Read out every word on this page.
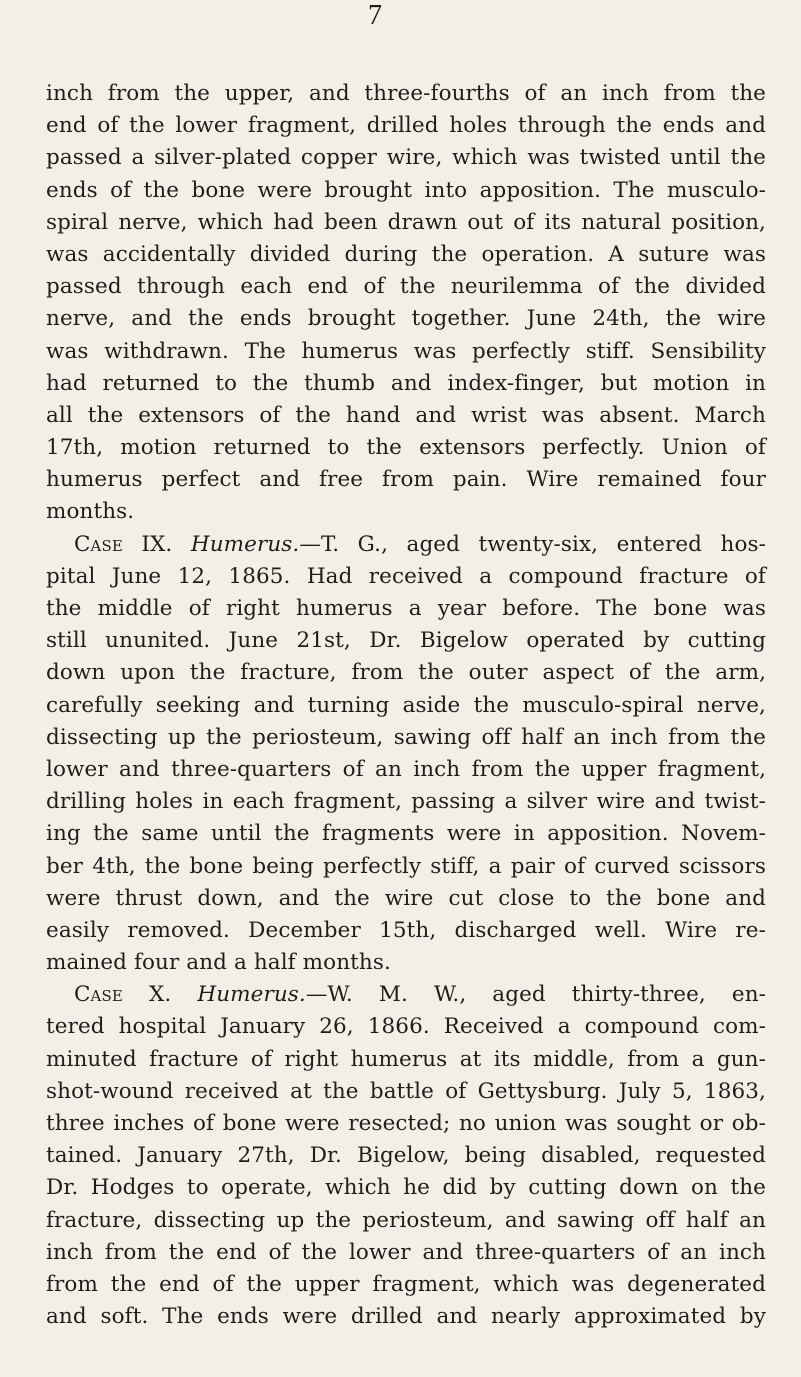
7
inch from the upper, and three-fourths of an inch from the
end of the lower fragment, drilled holes through the ends and
passed a silver-plated copper wire, which was twisted until the
ends of the bone were brought into apposition. The musculo-
spiral nerve, which had been drawn out of its natural position,
was accidentally divided during the operation. A suture was
passed through each end of the neurilemma of the divided
nerve, and the ends brought together. June 24th, the wire
was withdrawn. The humerus was perfectly stiff. Sensibility
had returned to the thumb and index-finger, but motion in
all the extensors of the hand and wrist was absent. March
17th, motion returned to the extensors perfectly. Union of
humerus perfect and free from pain. Wire remained four
months.
Case IX. Humerus.—T. G., aged twenty-six, entered hos-
pital June 12, 1865. Had received a compound fracture of
the middle of right humerus a year before. The bone was
still ununited. June 21st, Dr. Bigelow operated by cutting
down upon the fracture, from the outer aspect of the arm,
carefully seeking and turning aside the musculo-spiral nerve,
dissecting up the periosteum, sawing off half an inch from the
lower and three-quarters of an inch from the upper fragment,
drilling holes in each fragment, passing a silver wire and twist-
ing the same until the fragments were in apposition. Novem-
ber 4th, the bone being perfectly stiff, a pair of curved scissors
were thrust down, and the wire cut close to the bone and
easily removed. December 15th, discharged well. Wire re-
mained four and a half months.
Case X. Humerus.—W. M. W., aged thirty-three, en-
tered hospital January 26, 1866. Received a compound com-
minuted fracture of right humerus at its middle, from a gun-
shot-wound received at the battle of Gettysburg. July 5, 1863,
three inches of bone were resected; no union was sought or ob-
tained. January 27th, Dr. Bigelow, being disabled, requested
Dr. Hodges to operate, which he did by cutting down on the
fracture, dissecting up the periosteum, and sawing off half an
inch from the end of the lower and three-quarters of an inch
from the end of the upper fragment, which was degenerated
and soft. The ends were drilled and nearly approximated by
